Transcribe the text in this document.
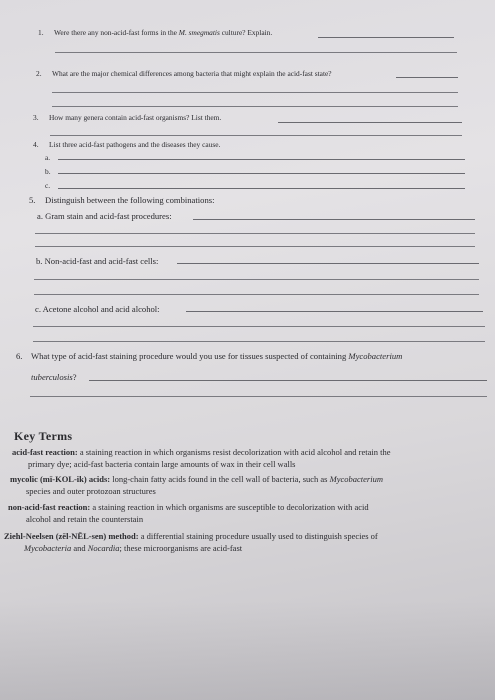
1. Were there any non-acid-fast forms in the M. smegmatis culture? Explain.
2. What are the major chemical differences among bacteria that might explain the acid-fast state?
3. How many genera contain acid-fast organisms? List them.
4. List three acid-fast pathogens and the diseases they cause.
a.
b.
c.
5. Distinguish between the following combinations:
a. Gram stain and acid-fast procedures:
b. Non-acid-fast and acid-fast cells:
c. Acetone alcohol and acid alcohol:
6. What type of acid-fast staining procedure would you use for tissues suspected of containing Mycobacterium
tuberculosis?
Key Terms
acid-fast reaction: a staining reaction in which organisms resist decolorization with acid alcohol and retain the
primary dye; acid-fast bacteria contain large amounts of wax in their cell walls
mycolic (mī-KOL-ik) acids: long-chain fatty acids found in the cell wall of bacteria, such as Mycobacterium
species and outer protozoan structures
non-acid-fast reaction: a staining reaction in which organisms are susceptible to decolorization with acid
alcohol and retain the counterstain
Ziehl-Neelsen (zēl-NĒL-sen) method: a differential staining procedure usually used to distinguish species of
Mycobacteria and Nocardia; these microorganisms are acid-fast
